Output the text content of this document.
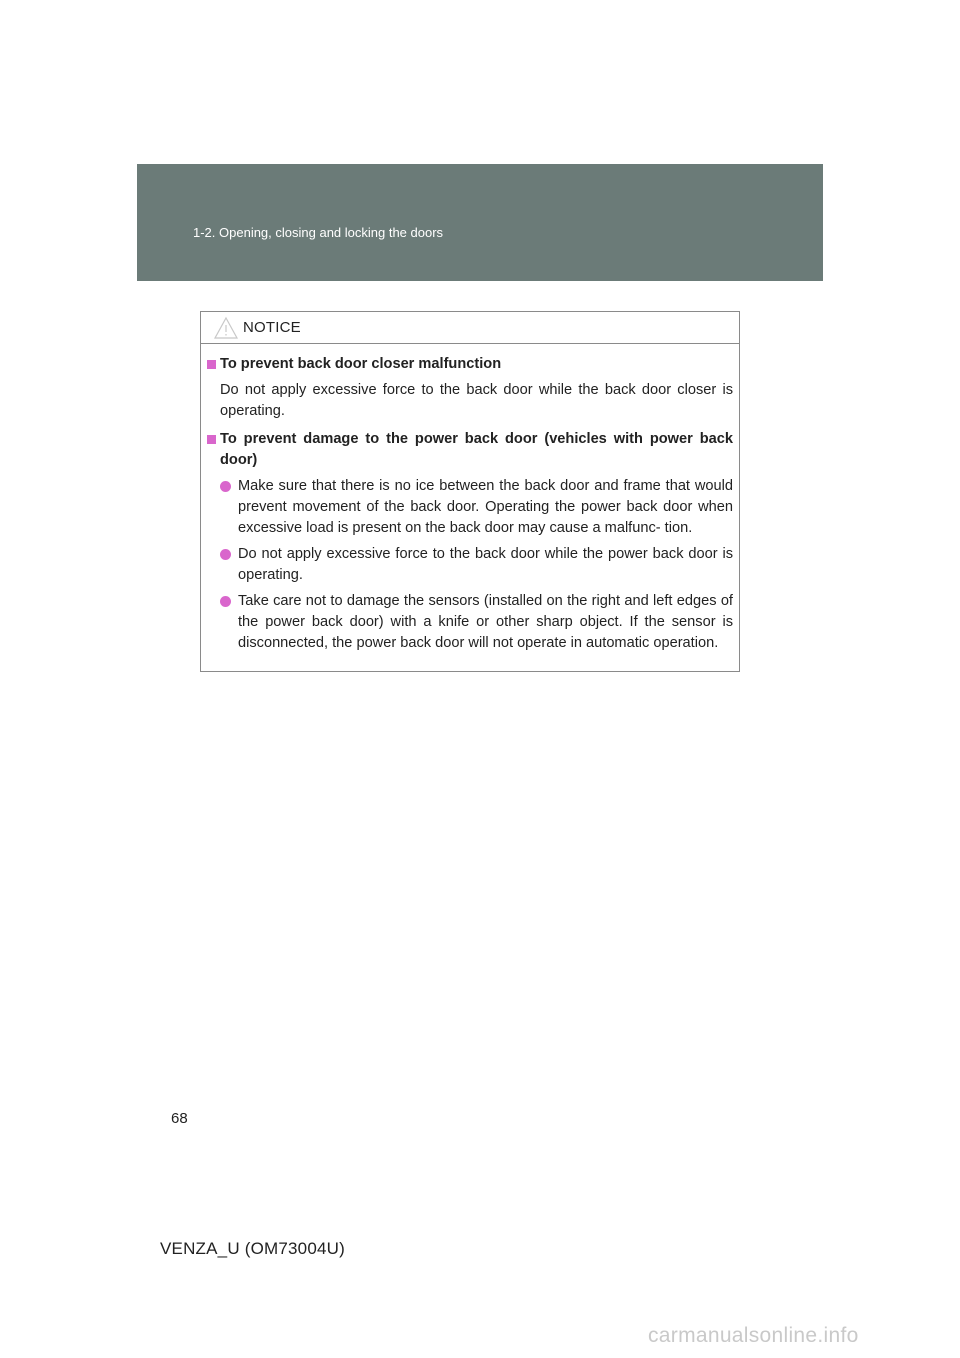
1-2. Opening, closing and locking the doors
NOTICE
To prevent back door closer malfunction
Do not apply excessive force to the back door while the back door closer is operating.
To prevent damage to the power back door (vehicles with power back door)
Make sure that there is no ice between the back door and frame that would prevent movement of the back door. Operating the power back door when excessive load is present on the back door may cause a malfunc- tion.
Do not apply excessive force to the back door while the power back door is operating.
Take care not to damage the sensors (installed on the right and left edges of the power back door) with a knife or other sharp object. If the sensor is disconnected, the power back door will not operate in automatic operation.
68
VENZA_U (OM73004U)
carmanualsonline.info
